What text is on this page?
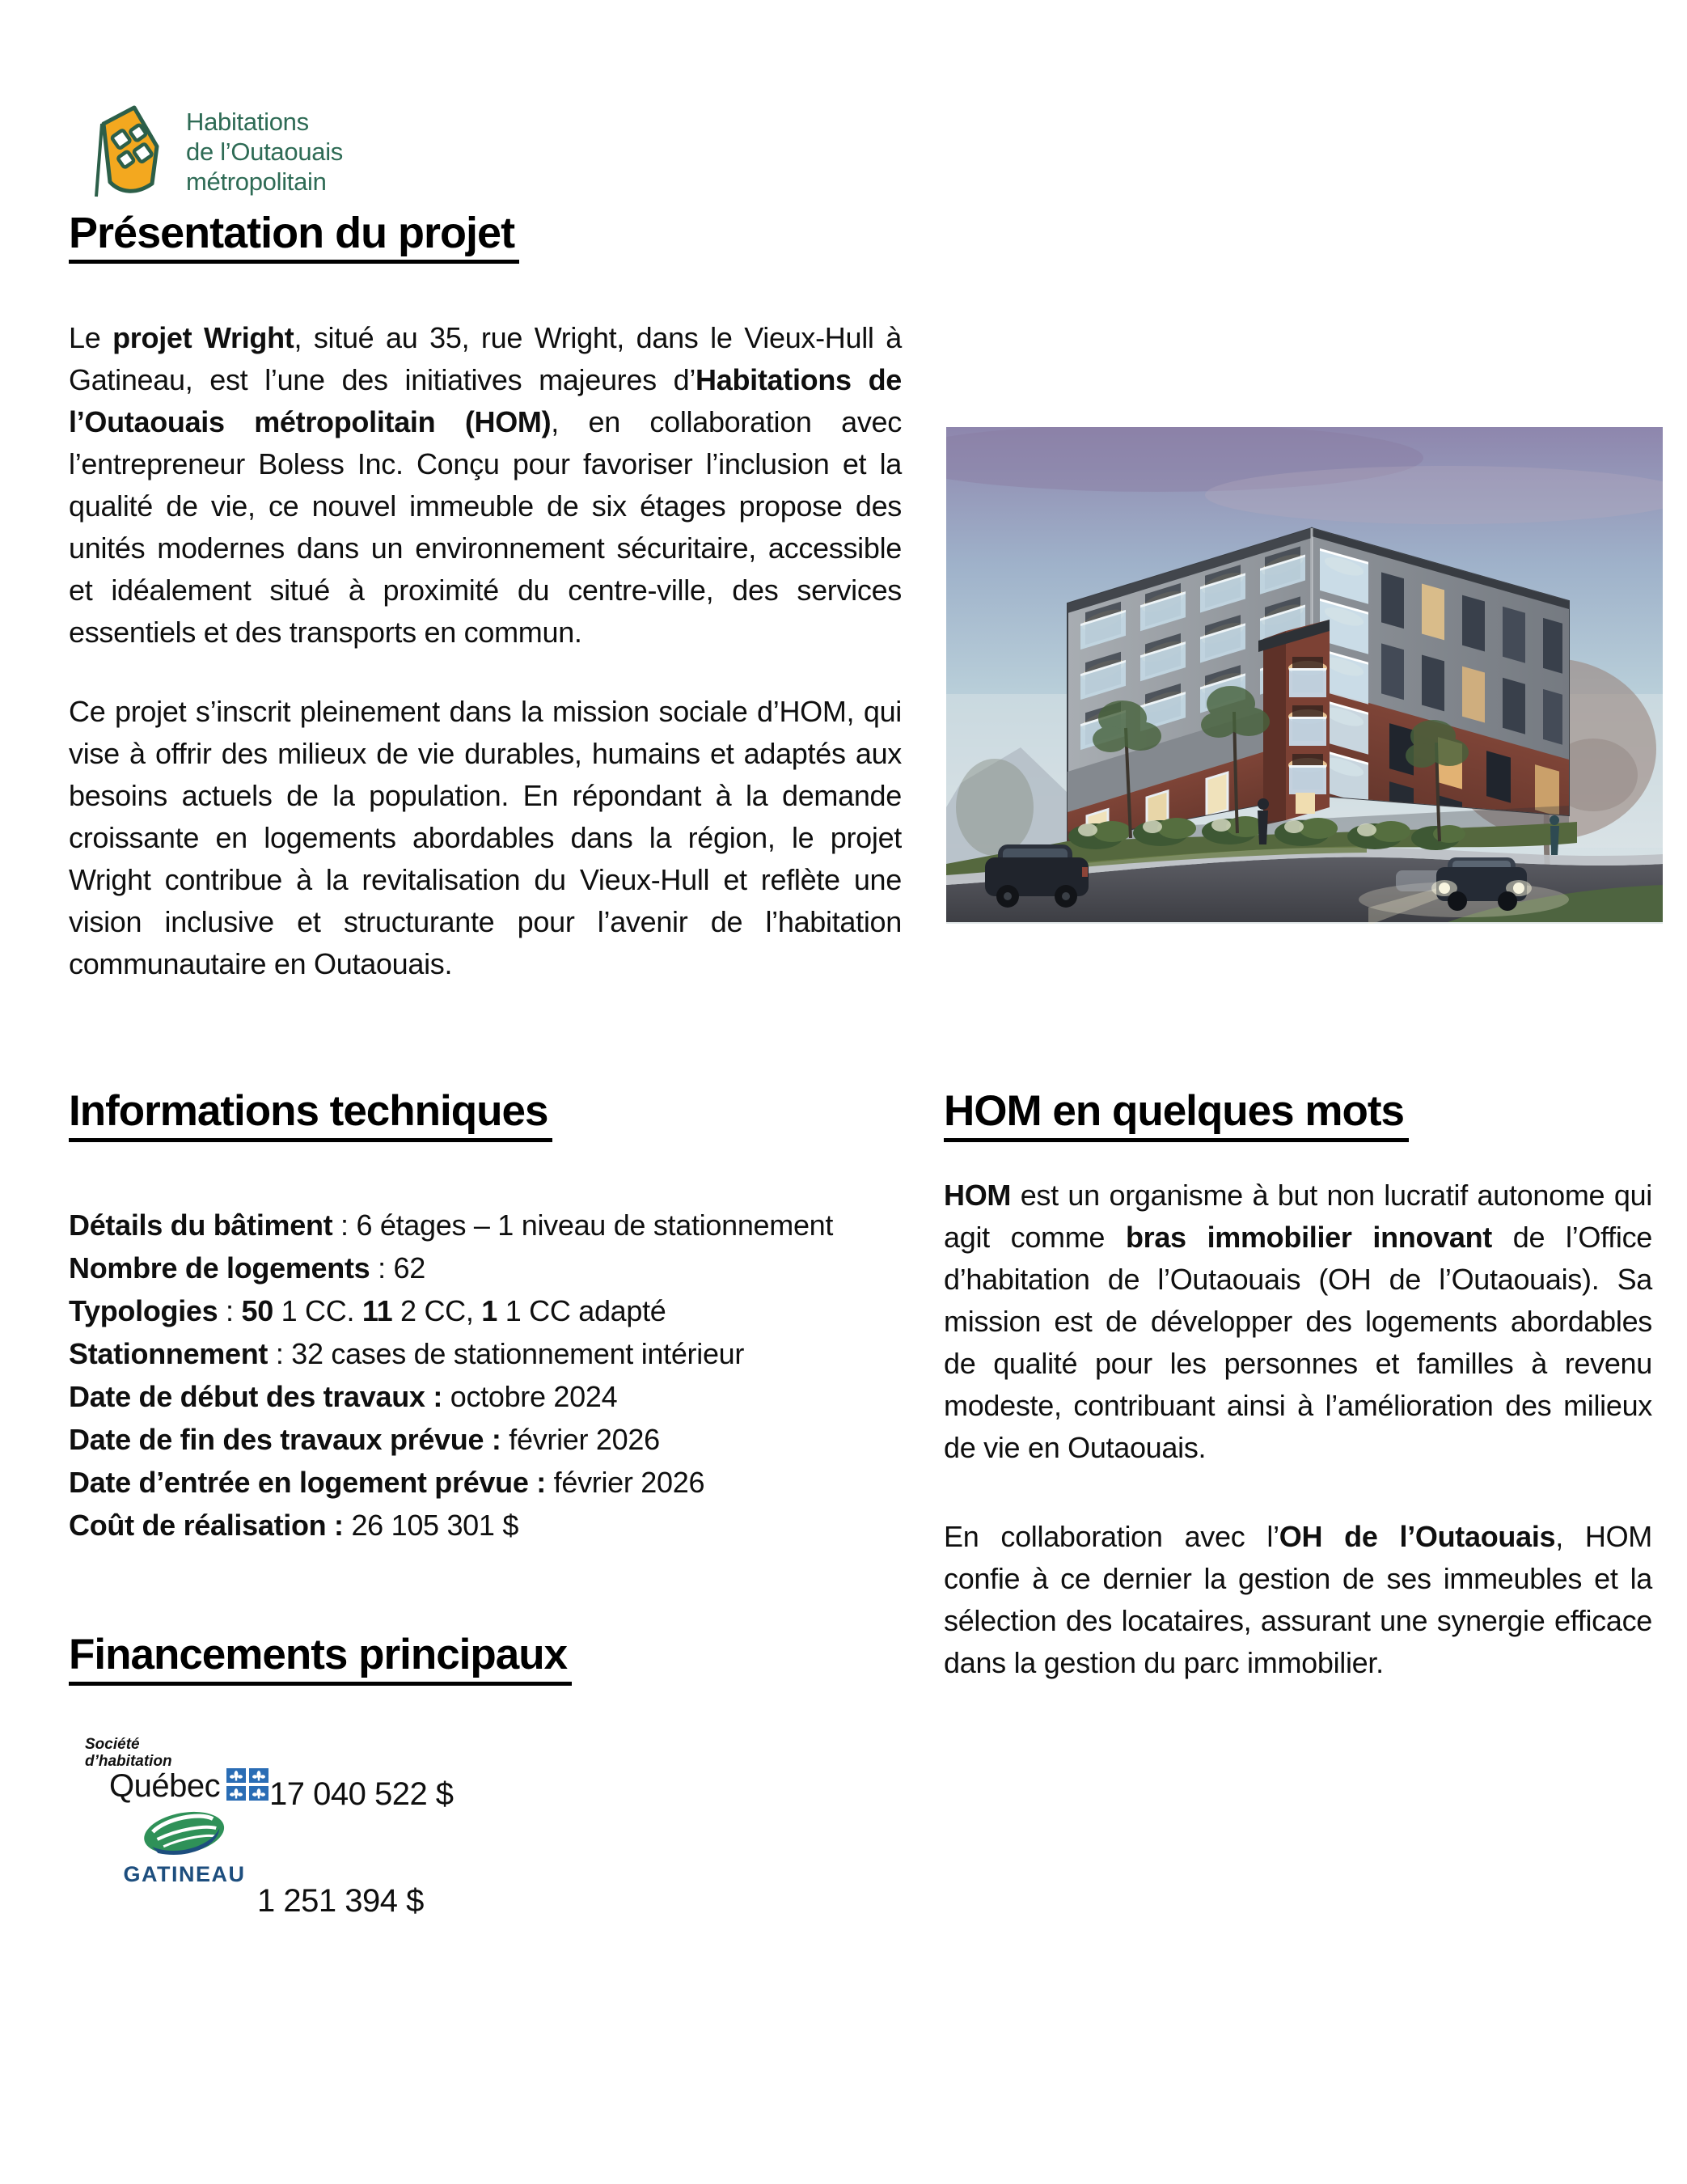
Habitations
de l’Outaouais
métropolitain
Présentation du projet
Le projet Wright, situé au 35, rue Wright, dans le Vieux-Hull à Gatineau, est l’une des initiatives majeures d’Habitations de l’Outaouais métropolitain (HOM), en collaboration avec l’entrepreneur Boless Inc. Conçu pour favoriser l’inclusion et la qualité de vie, ce nouvel immeuble de six étages propose des unités modernes dans un environnement sécuritaire, accessible et idéalement situé à proximité du centre-ville, des services essentiels et des transports en commun.
Ce projet s’inscrit pleinement dans la mission sociale d’HOM, qui vise à offrir des milieux de vie durables, humains et adaptés aux besoins actuels de la population. En répondant à la demande croissante en logements abordables dans la région, le projet Wright contribue à la revitalisation du Vieux-Hull et reflète une vision inclusive et structurante pour l’avenir de l’habitation communautaire en Outaouais.
Informations techniques	HOM en quelques mots
Détails du bâtiment : 6 étages – 1 niveau de stationnement
Nombre de logements : 62
Typologies : 50 1 CC. 11 2 CC, 1 1 CC adapté
Stationnement : 32 cases de stationnement intérieur
Date de début des travaux : octobre 2024
Date de fin des travaux prévue : février 2026
Date d’entrée en logement prévue : février 2026
Coût de réalisation : 26 105 301 $
HOM est un organisme à but non lucratif autonome qui agit comme bras immobilier innovant de l’Office d’habitation de l’Outaouais (OH de l’Outaouais). Sa mission est de développer des logements abordables de qualité pour les personnes et familles à revenu modeste, contribuant ainsi à l’amélioration des milieux de vie en Outaouais.
En collaboration avec l’OH de l’Outaouais, HOM confie à ce dernier la gestion de ses immeubles et la sélection des locataires, assurant une synergie efficace dans la gestion du parc immobilier.
Financements principaux
Société
d’habitation
Québec 17 040 522 $
GATINEAU
1 251 394 $
